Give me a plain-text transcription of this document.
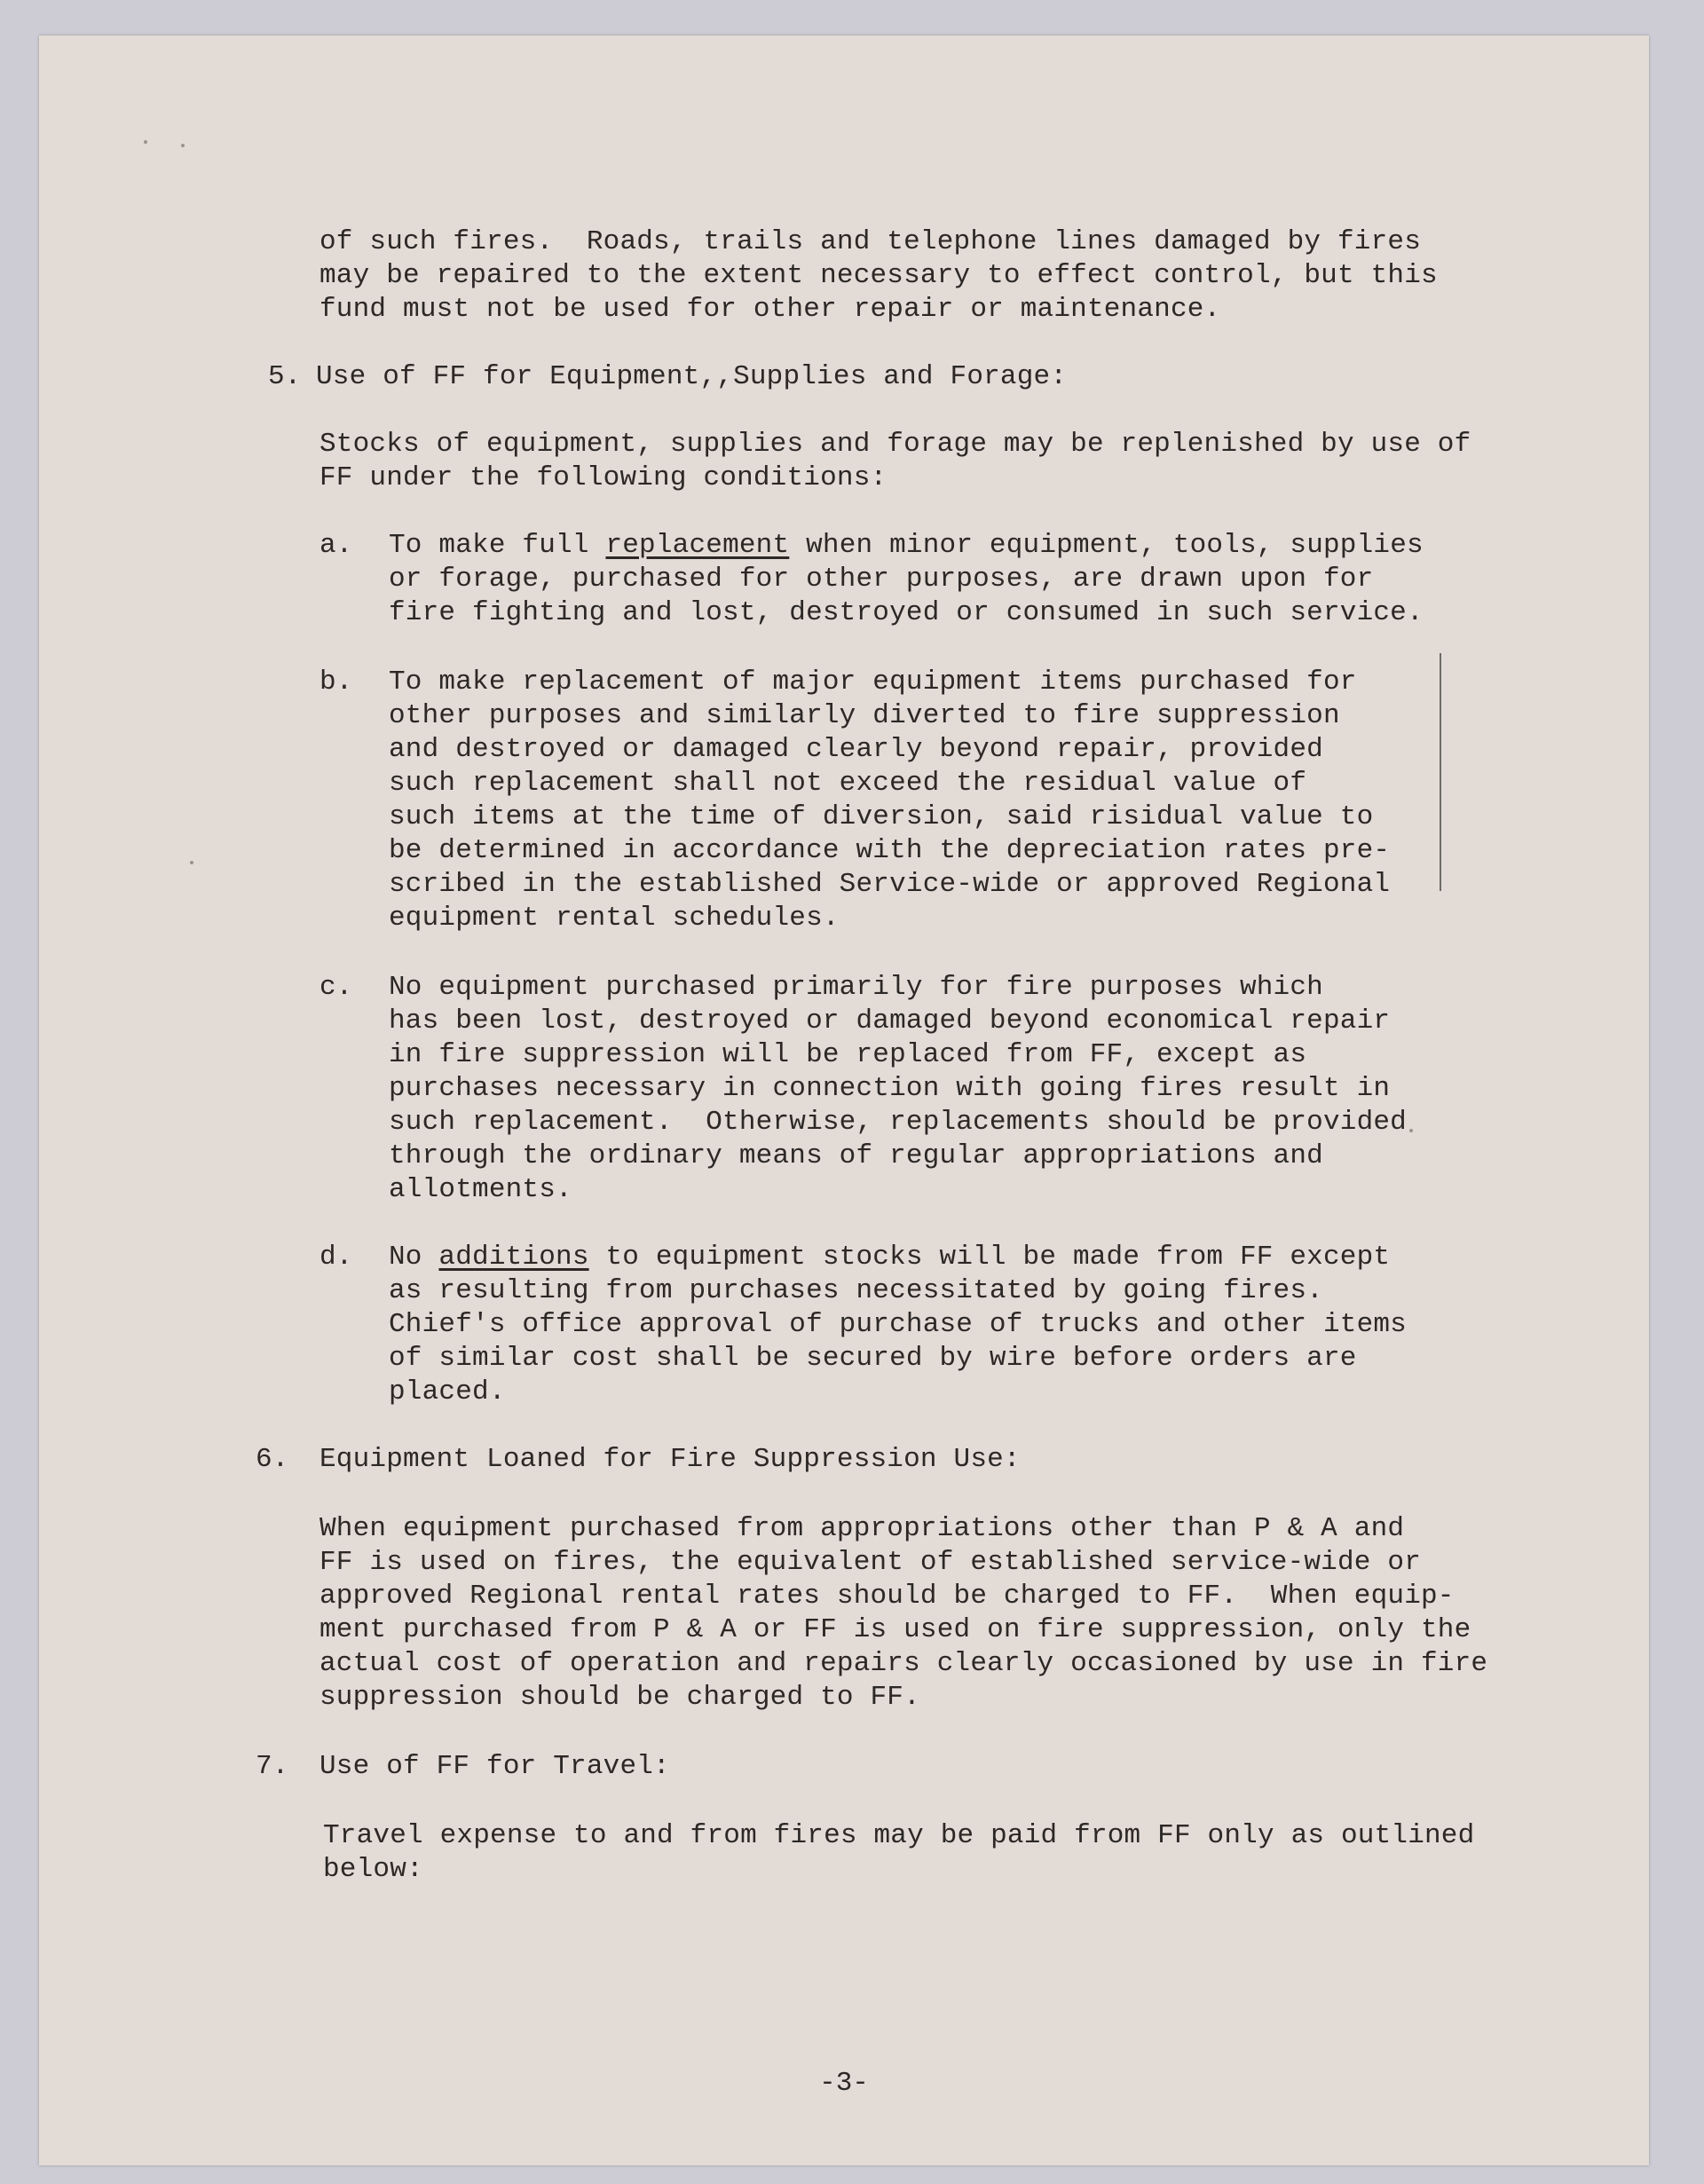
of such fires.  Roads, trails and telephone lines damaged by fires
may be repaired to the extent necessary to effect control, but this
fund must not be used for other repair or maintenance.
5. Use of FF for Equipment,,Supplies and Forage:
Stocks of equipment, supplies and forage may be replenished by use of
FF under the following conditions:
a. To make full replacement when minor equipment, tools, supplies
or forage, purchased for other purposes, are drawn upon for
fire fighting and lost, destroyed or consumed in such service.
b. To make replacement of major equipment items purchased for
other purposes and similarly diverted to fire suppression
and destroyed or damaged clearly beyond repair, provided
such replacement shall not exceed the residual value of
such items at the time of diversion, said risidual value to
be determined in accordance with the depreciation rates pre-
scribed in the established Service-wide or approved Regional
equipment rental schedules.
c. No equipment purchased primarily for fire purposes which
has been lost, destroyed or damaged beyond economical repair
in fire suppression will be replaced from FF, except as
purchases necessary in connection with going fires result in
such replacement.  Otherwise, replacements should be provided
through the ordinary means of regular appropriations and
allotments.
d. No additions to equipment stocks will be made from FF except
as resulting from purchases necessitated by going fires.
Chief's office approval of purchase of trucks and other items
of similar cost shall be secured by wire before orders are
placed.
6. Equipment Loaned for Fire Suppression Use:
When equipment purchased from appropriations other than P & A and
FF is used on fires, the equivalent of established service-wide or
approved Regional rental rates should be charged to FF.  When equip-
ment purchased from P & A or FF is used on fire suppression, only the
actual cost of operation and repairs clearly occasioned by use in fire
suppression should be charged to FF.
7. Use of FF for Travel:
Travel expense to and from fires may be paid from FF only as outlined
below:
-3-
